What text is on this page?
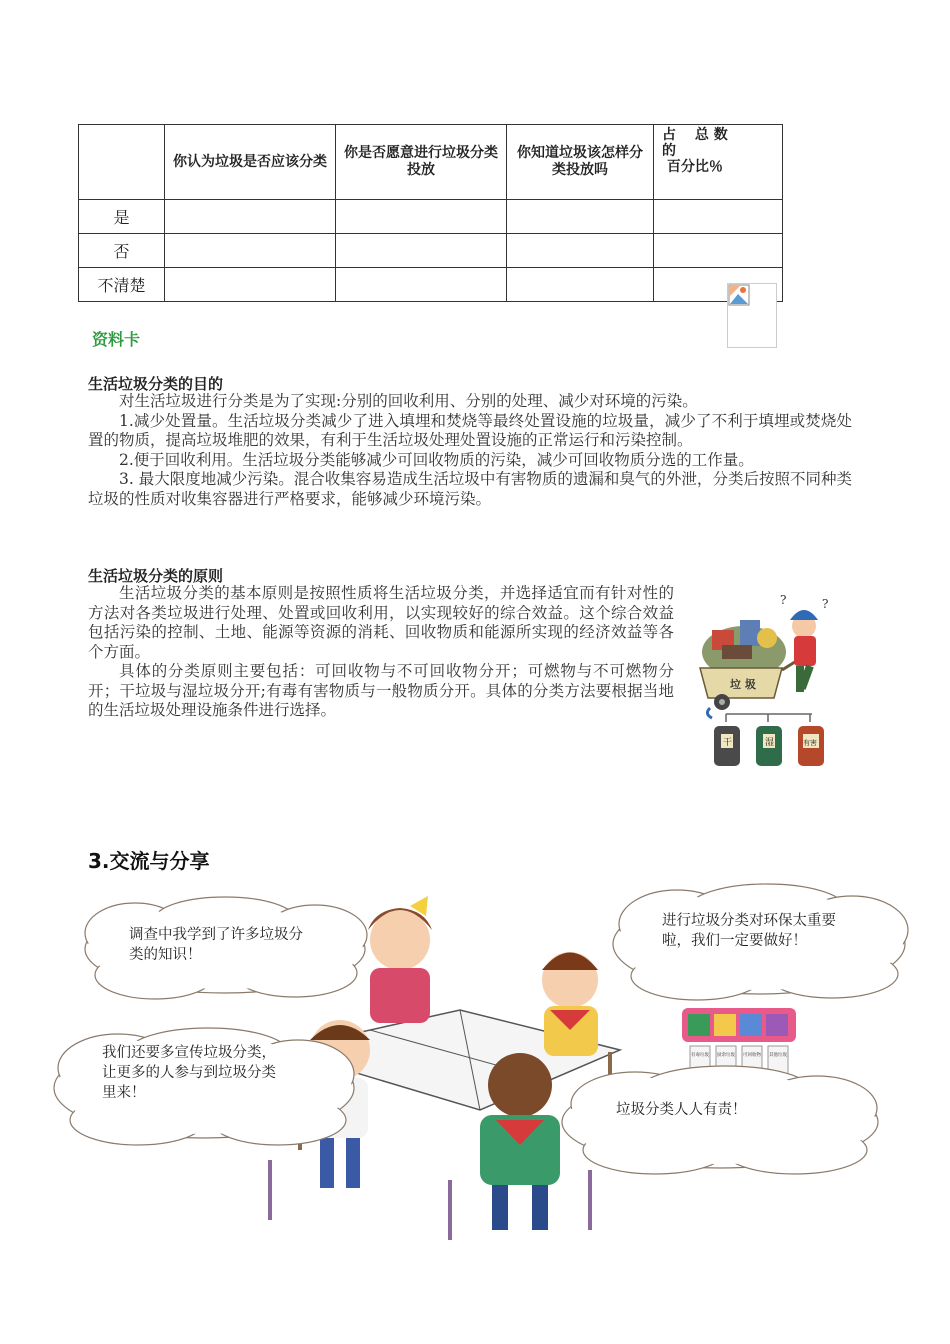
	你认为垃圾是否应该分类	你是否愿意进行垃圾分类投放	你知道垃圾该怎样分类投放吗	占　 总 数
的
百分比％

是				
否				
不清楚				
资料卡
生活垃圾分类的目的

对生活垃圾进行分类是为了实现:分别的回收利用、分别的处理、减少对环境的污染。

1.减少处置量。生活垃圾分类减少了进入填埋和焚烧等最终处置设施的垃圾量，减少了不利于填埋或焚烧处置的物质，提高垃圾堆肥的效果，有利于生活垃圾处理处置设施的正常运行和污染控制。

2.便于回收利用。生活垃圾分类能够减少可回收物质的污染，减少可回收物质分选的工作量。

3. 最大限度地减少污染。混合收集容易造成生活垃圾中有害物质的遗漏和臭气的外泄，分类后按照不同种类垃圾的性质对收集容器进行严格要求，能够减少环境污染。

生活垃圾分类的原则

生活垃圾分类的基本原则是按照性质将生活垃圾分类，并选择适宜而有针对性的方法对各类垃圾进行处理、处置或回收利用，以实现较好的综合效益。这个综合效益包括污染的控制、土地、能源等资源的消耗、回收物质和能源所实现的经济效益等各个方面。

具体的分类原则主要包括：可回收物与不可回收物分开；可燃物与不可燃物分开；干垃圾与湿垃圾分开;有毒有害物质与一般物质分开。具体的分类方法要根据当地的生活垃圾处理设施条件进行选择。

垃 圾
?
?
干	湿	有害
3.交流与分享
有毒垃圾 厨余垃圾 可回收物 其他垃圾
调查中我学到了许多垃圾分类的知识！
进行垃圾分类对环保太重要啦，我们一定要做好！
我们还要多宣传垃圾分类，让更多的人参与到垃圾分类里来！
垃圾分类人人有责！
